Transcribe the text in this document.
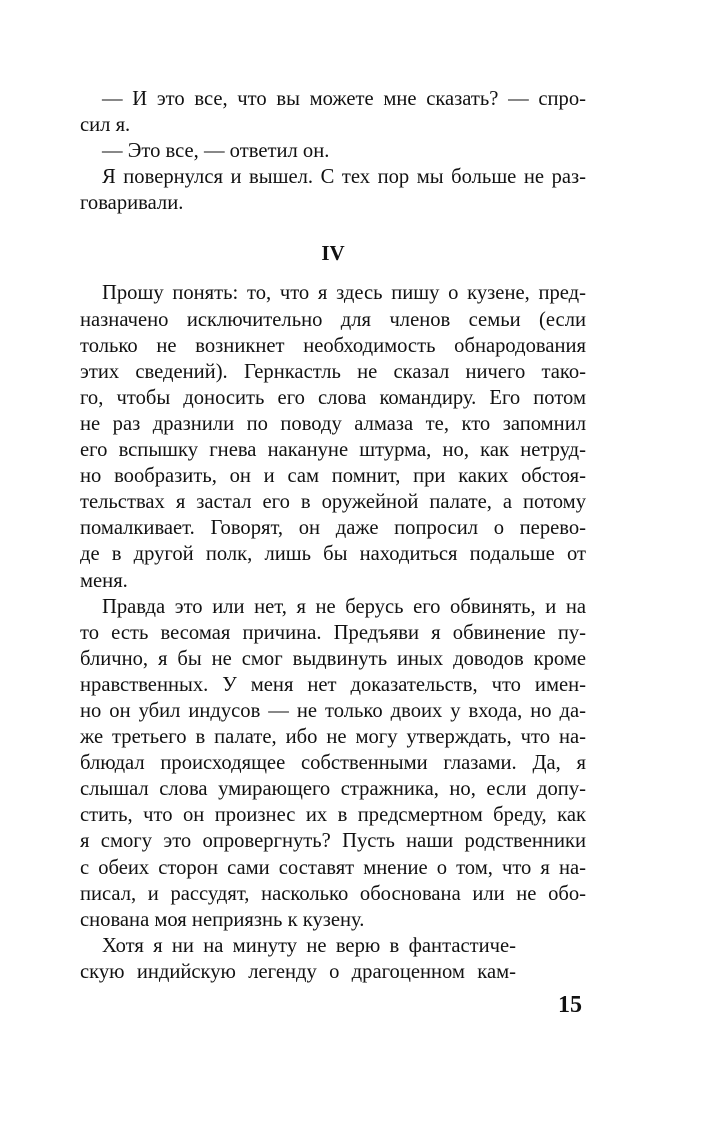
— И это все, что вы можете мне сказать? — спро-
сил я.
— Это все, — ответил он.
Я повернулся и вышел. С тех пор мы больше не раз-
говаривали.
IV
Прошу понять: то, что я здесь пишу о кузене, пред-
назначено исключительно для членов семьи (если
только не возникнет необходимость обнародования
этих сведений). Гернкастль не сказал ничего тако-
го, чтобы доносить его слова командиру. Его потом
не раз дразнили по поводу алмаза те, кто запомнил
его вспышку гнева накануне штурма, но, как нетруд-
но вообразить, он и сам помнит, при каких обстоя-
тельствах я застал его в оружейной палате, а потому
помалкивает. Говорят, он даже попросил о перево-
де в другой полк, лишь бы находиться подальше от
меня.
Правда это или нет, я не берусь его обвинять, и на
то есть весомая причина. Предъяви я обвинение пу-
блично, я бы не смог выдвинуть иных доводов кроме
нравственных. У меня нет доказательств, что имен-
но он убил индусов — не только двоих у входа, но да-
же третьего в палате, ибо не могу утверждать, что на-
блюдал происходящее собственными глазами. Да, я
слышал слова умирающего стражника, но, если допу-
стить, что он произнес их в предсмертном бреду, как
я смогу это опровергнуть? Пусть наши родственники
с обеих сторон сами составят мнение о том, что я на-
писал, и рассудят, насколько обоснована или не обо-
снована моя неприязнь к кузену.
Хотя я ни на минуту не верю в фантастиче-
скую индийскую легенду о драгоценном кам-
15
